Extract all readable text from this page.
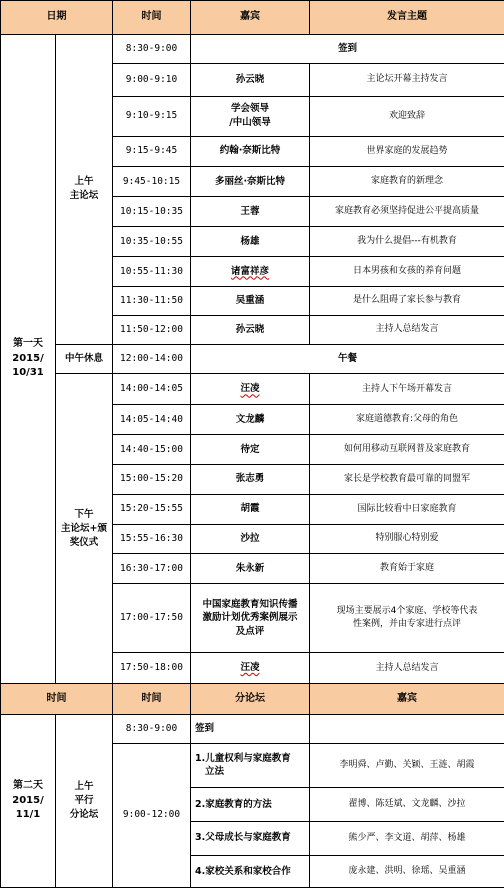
日期		时间	嘉宾	发言主题
第一天
2015/
10/31	上午
主论坛	8:30-9:00	签到	
		9:00-9:10	孙云晓	主论坛开幕主持发言
		9:10-9:15	学会领导
/中山领导	欢迎致辞
		9:15-9:45	约翰·奈斯比特	世界家庭的发展趋势
		9:45-10:15	多丽丝·奈斯比特	家庭教育的新理念
		10:15-10:35	王蓉	家庭教育必须坚持促进公平提高质量
		10:35-10:55	杨雄	我为什么提倡---有机教育
		10:55-11:30	诸富祥彦	日本男孩和女孩的养育问题
		11:30-11:50	吴重涵	是什么阻碍了家长参与教育
		11:50-12:00	孙云晓	主持人总结发言
	中午休息	12:00-14:00	午餐	
	下午
主论坛+颁
奖仪式	14:00-14:05	汪凌	主持人下午场开幕发言
		14:05-14:40	文龙麟	家庭道德教育:父母的角色
		14:40-15:00	待定	如何用移动互联网普及家庭教育
		15:00-15:20	张志勇	家长是学校教育最可靠的同盟军
		15:20-15:55	胡霞	国际比较看中日家庭教育
		15:55-16:30	沙拉	特别服心特别爱
		16:30-17:00	朱永新	教育始于家庭
		17:00-17:50	中国家庭教育知识传播
激励计划优秀案例展示
及点评	现场主要展示4个家庭、学校等代表
性案例，并由专家进行点评
		17:50-18:00	汪凌	主持人总结发言
时间		时间	分论坛	嘉宾
第二天
2015/
11/1	上午
平行
分论坛	8:30-9:00	签到	
		9:00-12:00	1.儿童权利与家庭教育
立法	李明舜、卢勤、关颖、王涟、胡霞
			2.家庭教育的方法	翟博、陈廷斌、文龙麟、沙拉
			3.父母成长与家庭教育	熊少严、李文道、胡萍、杨雄
			4.家校关系和家校合作	庞永建、洪明、徐瑶、吴重涵
